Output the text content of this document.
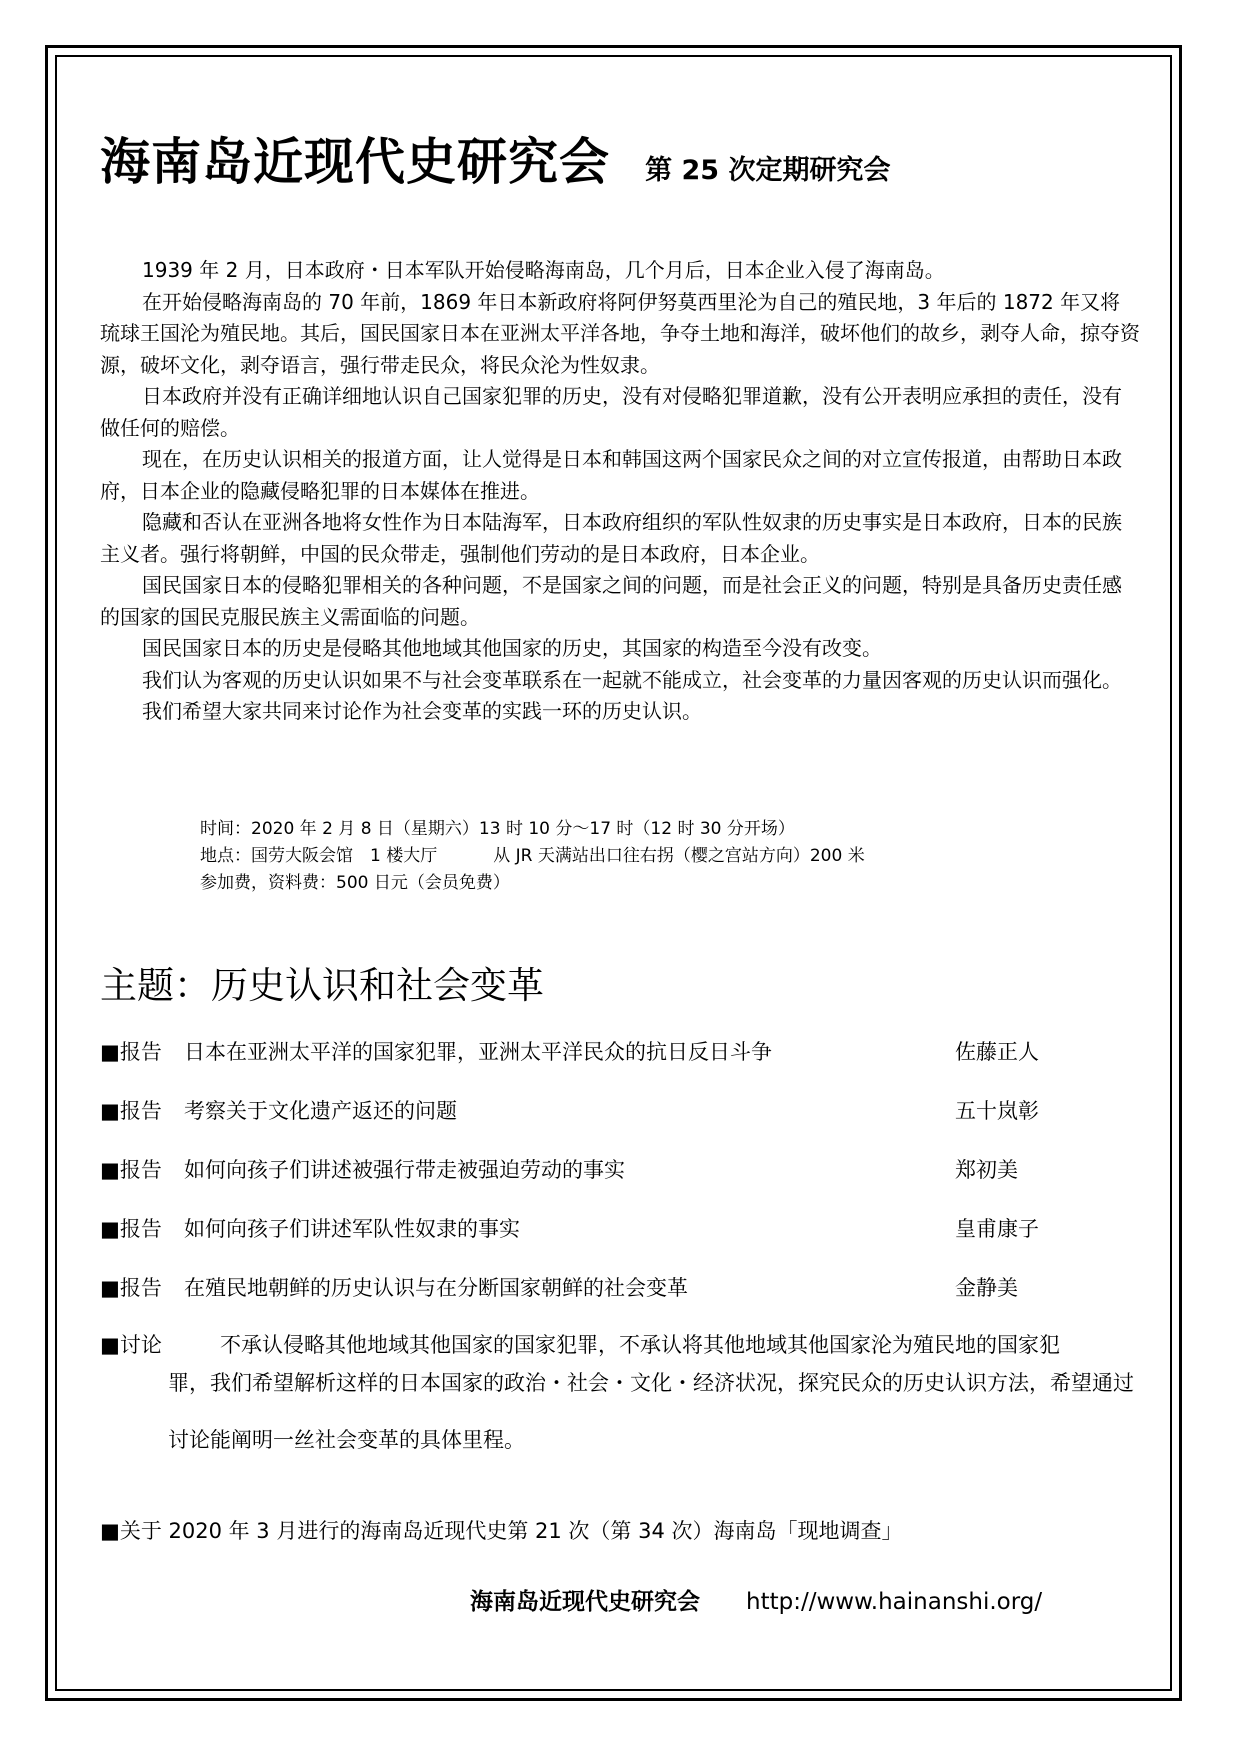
海南岛近现代史研究会 第 25 次定期研究会

1939 年 2 月，日本政府・日本军队开始侵略海南岛，几个月后，日本企业入侵了海南岛。

在开始侵略海南岛的 70 年前，1869 年日本新政府将阿伊努莫西里沦为自己的殖民地，3 年后的 1872 年又将琉球王国沦为殖民地。其后，国民国家日本在亚洲太平洋各地，争夺土地和海洋，破坏他们的故乡，剥夺人命，掠夺资源，破坏文化，剥夺语言，强行带走民众，将民众沦为性奴隶。

日本政府并没有正确详细地认识自己国家犯罪的历史，没有对侵略犯罪道歉，没有公开表明应承担的责任，没有做任何的赔偿。

现在，在历史认识相关的报道方面，让人觉得是日本和韩国这两个国家民众之间的对立宣传报道，由帮助日本政府，日本企业的隐藏侵略犯罪的日本媒体在推进。

隐藏和否认在亚洲各地将女性作为日本陆海军，日本政府组织的军队性奴隶的历史事实是日本政府，日本的民族主义者。强行将朝鲜，中国的民众带走，强制他们劳动的是日本政府，日本企业。

国民国家日本的侵略犯罪相关的各种问题，不是国家之间的问题，而是社会正义的问题，特别是具备历史责任感的国家的国民克服民族主义需面临的问题。

国民国家日本的历史是侵略其他地域其他国家的历史，其国家的构造至今没有改变。

我们认为客观的历史认识如果不与社会变革联系在一起就不能成立，社会变革的力量因客观的历史认识而强化。

我们希望大家共同来讨论作为社会变革的实践一环的历史认识。

时间：2020 年 2 月 8 日（星期六）13 时 10 分～17 时（12 时 30 分开场）
地点：国劳大阪会馆　1 楼大厅	从 JR 天满站出口往右拐（樱之宫站方向）200 米
参加费，资料费：500 日元（会员免费）
主题：历史认识和社会变革
■报告 日本在亚洲太平洋的国家犯罪，亚洲太平洋民众的抗日反日斗争	佐藤正人
■报告 考察关于文化遗产返还的问题	五十岚彰
■报告 如何向孩子们讲述被强行带走被强迫劳动的事实	郑初美
■报告 如何向孩子们讲述军队性奴隶的事实	皇甫康子
■报告 在殖民地朝鲜的历史认识与在分断国家朝鲜的社会变革	金静美
■讨论	不承认侵略其他地域其他国家的国家犯罪，不承认将其他地域其他国家沦为殖民地的国家犯
罪，我们希望解析这样的日本国家的政治・社会・文化・经济状况，探究民众的历史认识方法，希望通过讨论能阐明一丝社会变革的具体里程。
■关于 2020 年 3 月进行的海南岛近现代史第 21 次（第 34 次）海南岛「现地调查」
海南岛近现代史研究会 http://www.hainanshi.org/
